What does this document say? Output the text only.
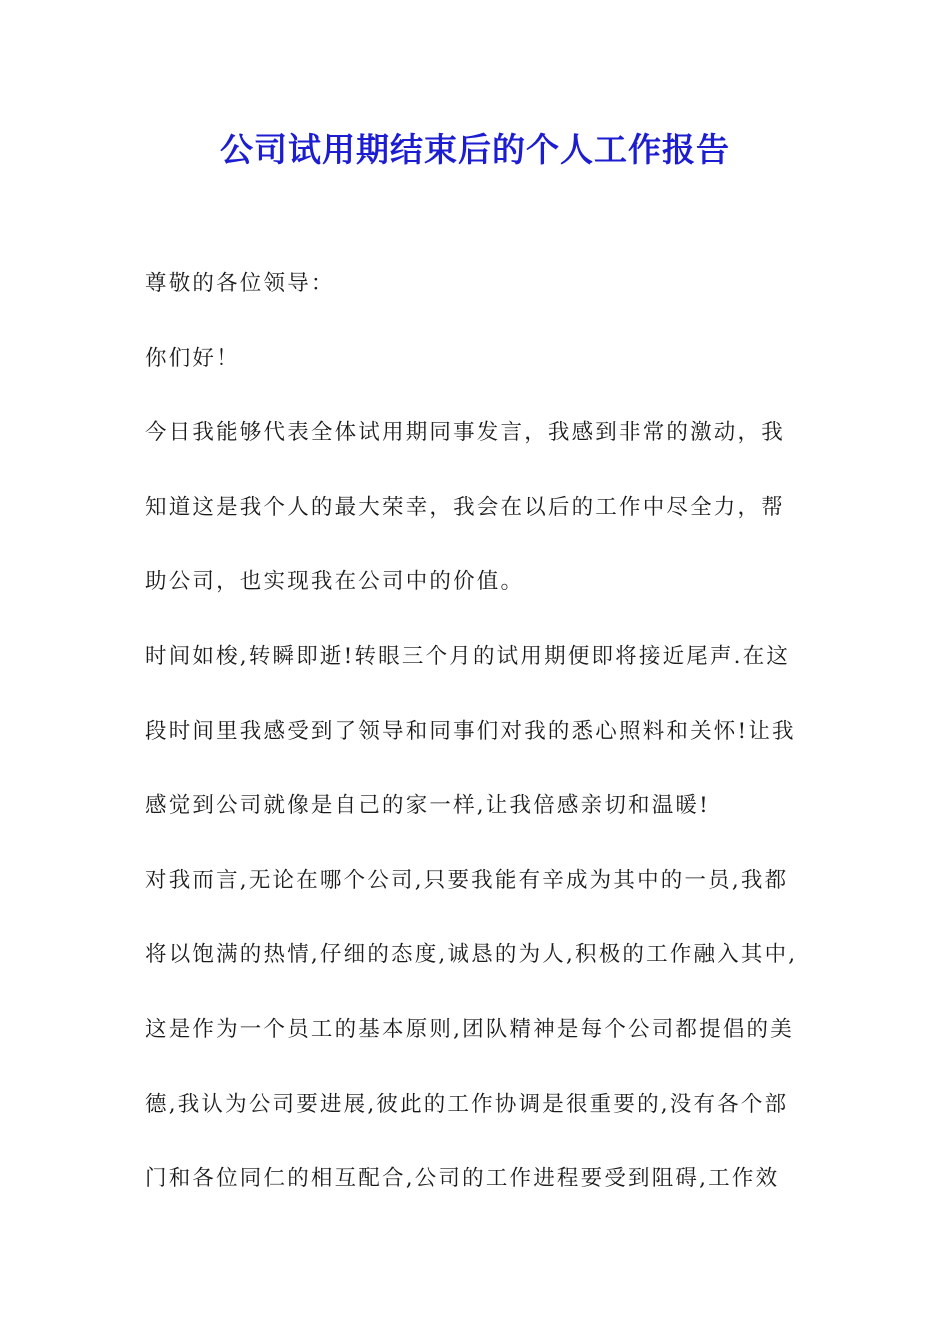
公司试用期结束后的个人工作报告
尊敬的各位领导：
你们好！
今日我能够代表全体试用期同事发言，我感到非常的激动，我
知道这是我个人的最大荣幸，我会在以后的工作中尽全力，帮
助公司，也实现我在公司中的价值。
时间如梭,转瞬即逝!转眼三个月的试用期便即将接近尾声.在这
段时间里我感受到了领导和同事们对我的悉心照料和关怀!让我
感觉到公司就像是自己的家一样,让我倍感亲切和温暖!
对我而言,无论在哪个公司,只要我能有辛成为其中的一员,我都
将以饱满的热情,仔细的态度,诚恳的为人,积极的工作融入其中,
这是作为一个员工的基本原则,团队精神是每个公司都提倡的美
德,我认为公司要进展,彼此的工作协调是很重要的,没有各个部
门和各位同仁的相互配合,公司的工作进程要受到阻碍,工作效
